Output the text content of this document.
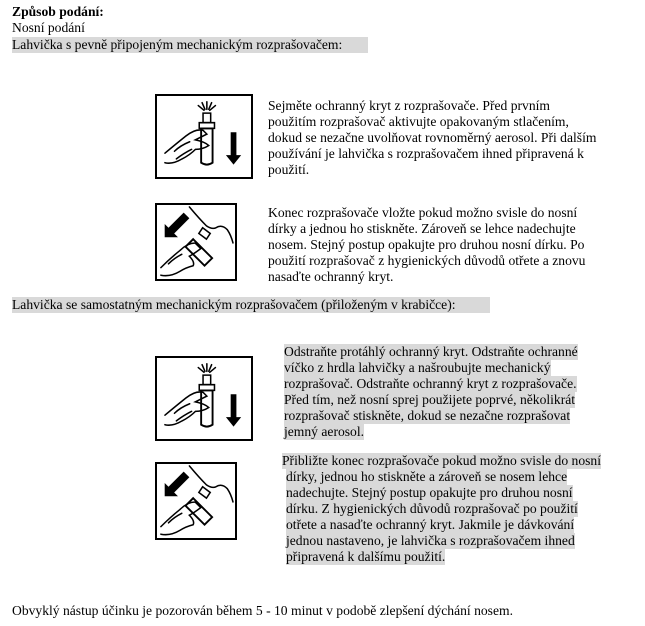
Způsob podání:
Nosní podání
Lahvička s pevně připojeným mechanickým rozprašovačem:
Sejměte ochranný kryt z rozprašovače. Před prvním
použitím rozprašovač aktivujte opakovaným stlačením,
dokud se nezačne uvolňovat rovnoměrný aerosol. Při dalším
používání je lahvička s rozprašovačem ihned připravená k
použití.
Konec rozprašovače vložte pokud možno svisle do nosní
dírky a jednou ho stiskněte. Zároveň se lehce nadechujte
nosem. Stejný postup opakujte pro druhou nosní dírku. Po
použití rozprašovač z hygienických důvodů otřete a znovu
nasaďte ochranný kryt.
Lahvička se samostatným mechanickým rozprašovačem (přiloženým v krabičce):
Odstraňte protáhlý ochranný kryt. Odstraňte ochranné
víčko z hrdla lahvičky a našroubujte mechanický
rozprašovač. Odstraňte ochranný kryt z rozprašovače.
Před tím, než nosní sprej použijete poprvé, několikrát
rozprašovač stiskněte, dokud se nezačne rozprašovat
jemný aerosol.
Přibližte konec rozprašovače pokud možno svisle do nosní
dírky, jednou ho stiskněte a zároveň se nosem lehce
nadechujte. Stejný postup opakujte pro druhou nosní
dírku. Z hygienických důvodů rozprašovač po použití
otřete a nasaďte ochranný kryt. Jakmile je dávkování
jednou nastaveno, je lahvička s rozprašovačem ihned
připravená k dalšímu použití.
Obvyklý nástup účinku je pozorován během 5 - 10 minut v podobě zlepšení dýchání nosem.
